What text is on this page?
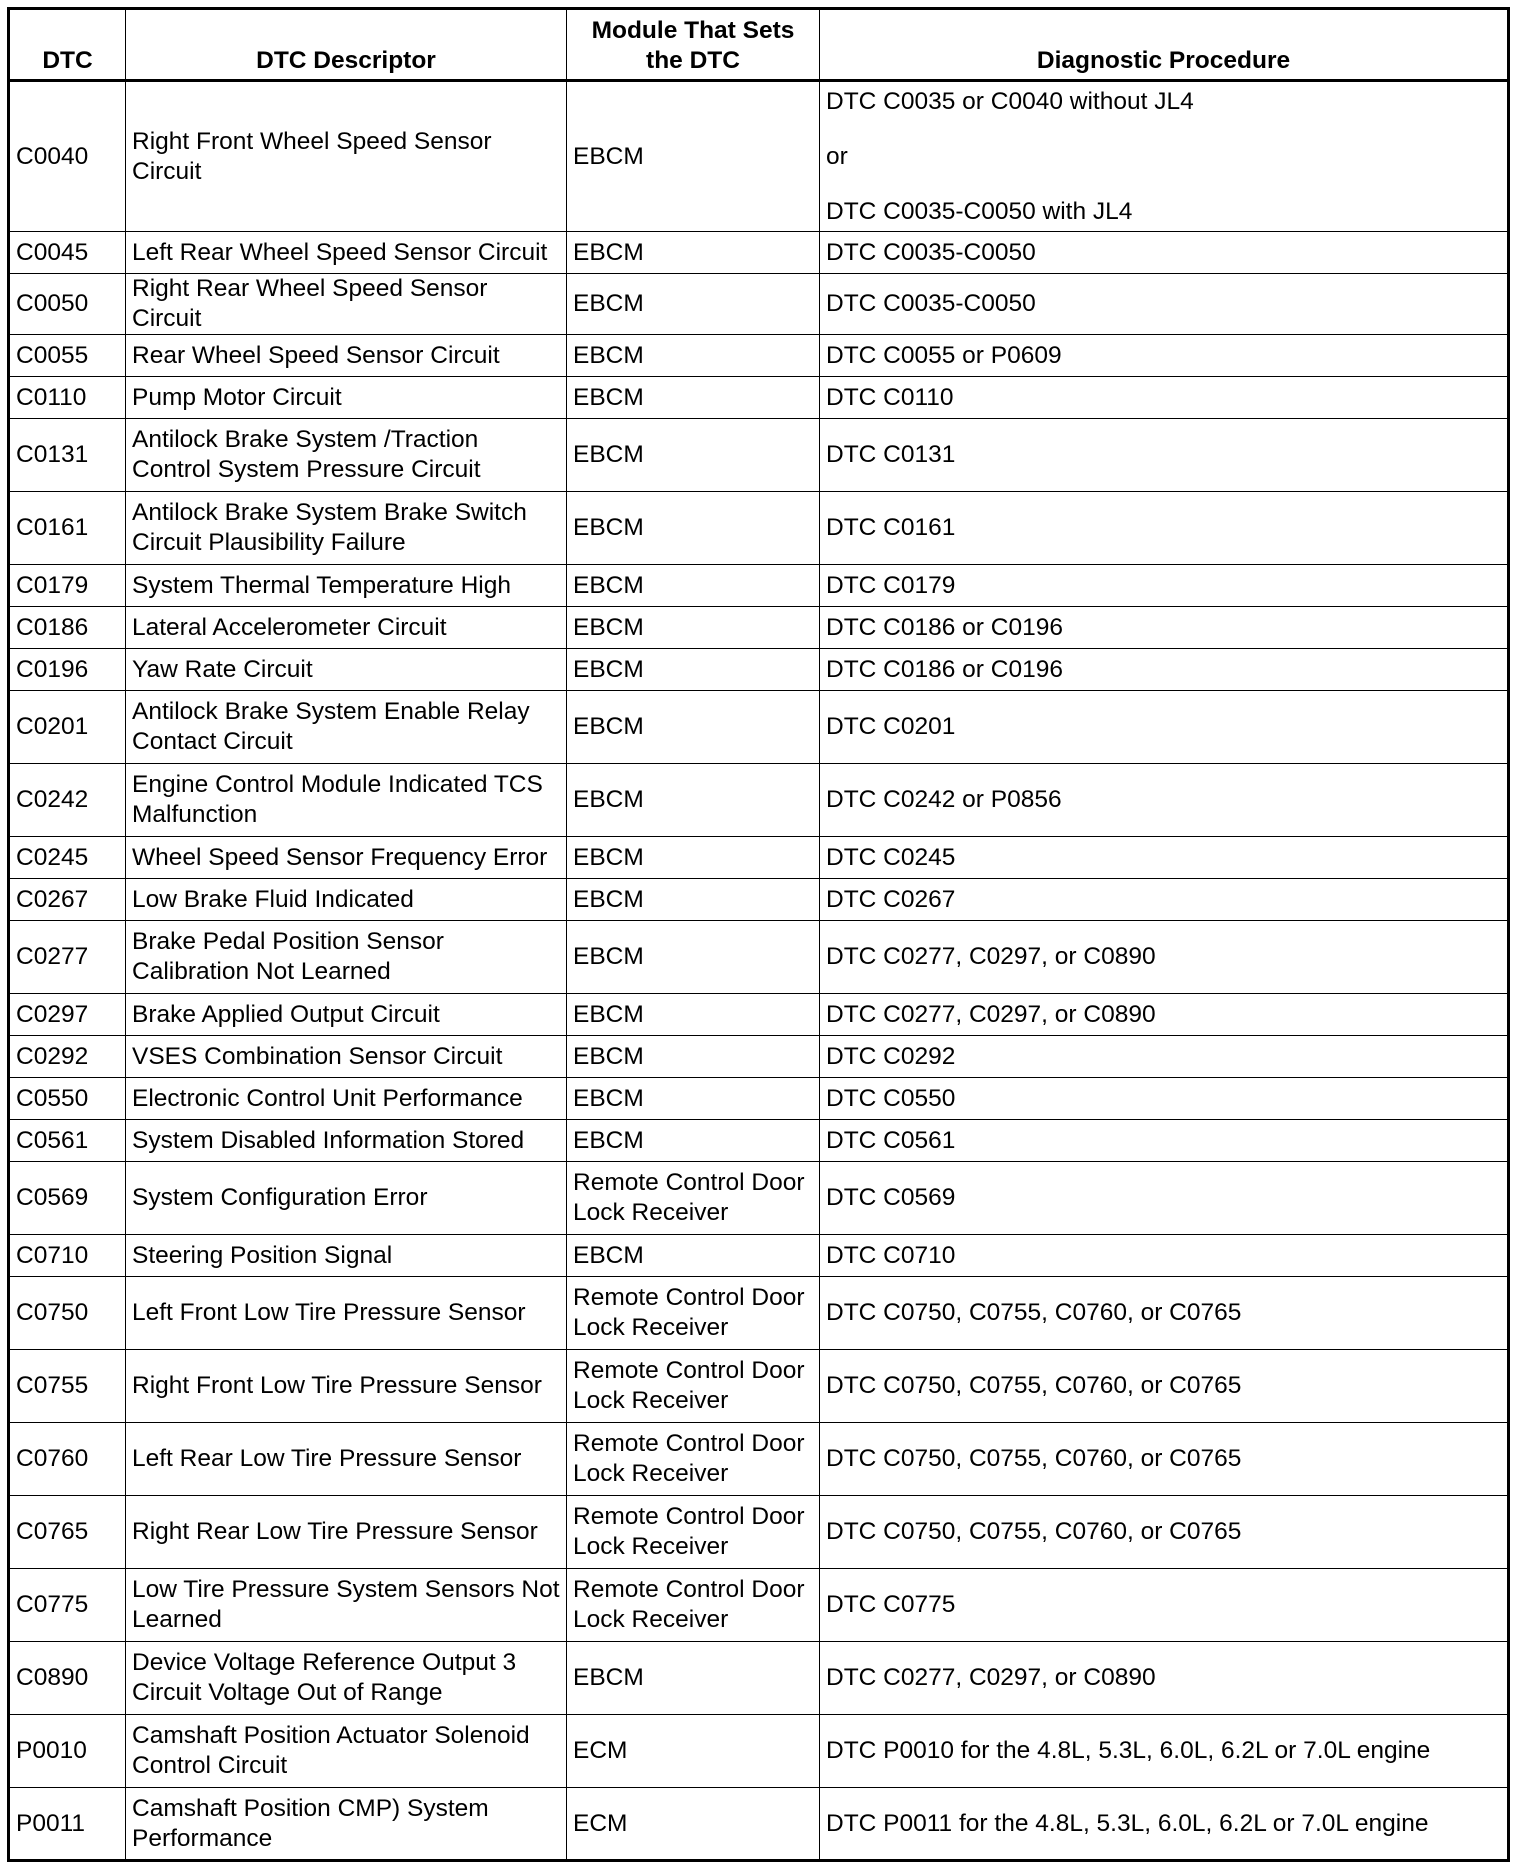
DTC	DTC Descriptor	Module That Sets the DTC	Diagnostic Procedure
C0040	Right Front Wheel Speed Sensor Circuit	EBCM	DTC C0035 or C0040 without JL4
or
DTC C0035-C0050 with JL4

C0045	Left Rear Wheel Speed Sensor Circuit	EBCM	DTC C0035-C0050

C0050	Right Rear Wheel Speed Sensor Circuit	EBCM	DTC C0035-C0050

C0055	Rear Wheel Speed Sensor Circuit	EBCM	DTC C0055 or P0609

C0110	Pump Motor Circuit	EBCM	DTC C0110

C0131	Antilock Brake System /Traction Control System Pressure Circuit	EBCM	DTC C0131

C0161	Antilock Brake System Brake Switch Circuit Plausibility Failure	EBCM	DTC C0161

C0179	System Thermal Temperature High	EBCM	DTC C0179

C0186	Lateral Accelerometer Circuit	EBCM	DTC C0186 or C0196

C0196	Yaw Rate Circuit	EBCM	DTC C0186 or C0196

C0201	Antilock Brake System Enable Relay Contact Circuit	EBCM	DTC C0201

C0242	Engine Control Module Indicated TCS Malfunction	EBCM	DTC C0242 or P0856

C0245	Wheel Speed Sensor Frequency Error	EBCM	DTC C0245

C0267	Low Brake Fluid Indicated	EBCM	DTC C0267

C0277	Brake Pedal Position Sensor Calibration Not Learned	EBCM	DTC C0277, C0297, or C0890

C0297	Brake Applied Output Circuit	EBCM	DTC C0277, C0297, or C0890

C0292	VSES Combination Sensor Circuit	EBCM	DTC C0292

C0550	Electronic Control Unit Performance	EBCM	DTC C0550

C0561	System Disabled Information Stored	EBCM	DTC C0561

C0569	System Configuration Error	Remote Control Door Lock Receiver	DTC C0569

C0710	Steering Position Signal	EBCM	DTC C0710

C0750	Left Front Low Tire Pressure Sensor	Remote Control Door Lock Receiver	DTC C0750, C0755, C0760, or C0765

C0755	Right Front Low Tire Pressure Sensor	Remote Control Door Lock Receiver	DTC C0750, C0755, C0760, or C0765

C0760	Left Rear Low Tire Pressure Sensor	Remote Control Door Lock Receiver	DTC C0750, C0755, C0760, or C0765

C0765	Right Rear Low Tire Pressure Sensor	Remote Control Door Lock Receiver	DTC C0750, C0755, C0760, or C0765

C0775	Low Tire Pressure System Sensors Not Learned	Remote Control Door Lock Receiver	DTC C0775

C0890	Device Voltage Reference Output 3 Circuit Voltage Out of Range	EBCM	DTC C0277, C0297, or C0890

P0010	Camshaft Position Actuator Solenoid Control Circuit	ECM	DTC P0010 for the 4.8L, 5.3L, 6.0L, 6.2L or 7.0L engine

P0011	Camshaft Position CMP) System Performance	ECM	DTC P0011 for the 4.8L, 5.3L, 6.0L, 6.2L or 7.0L engine
